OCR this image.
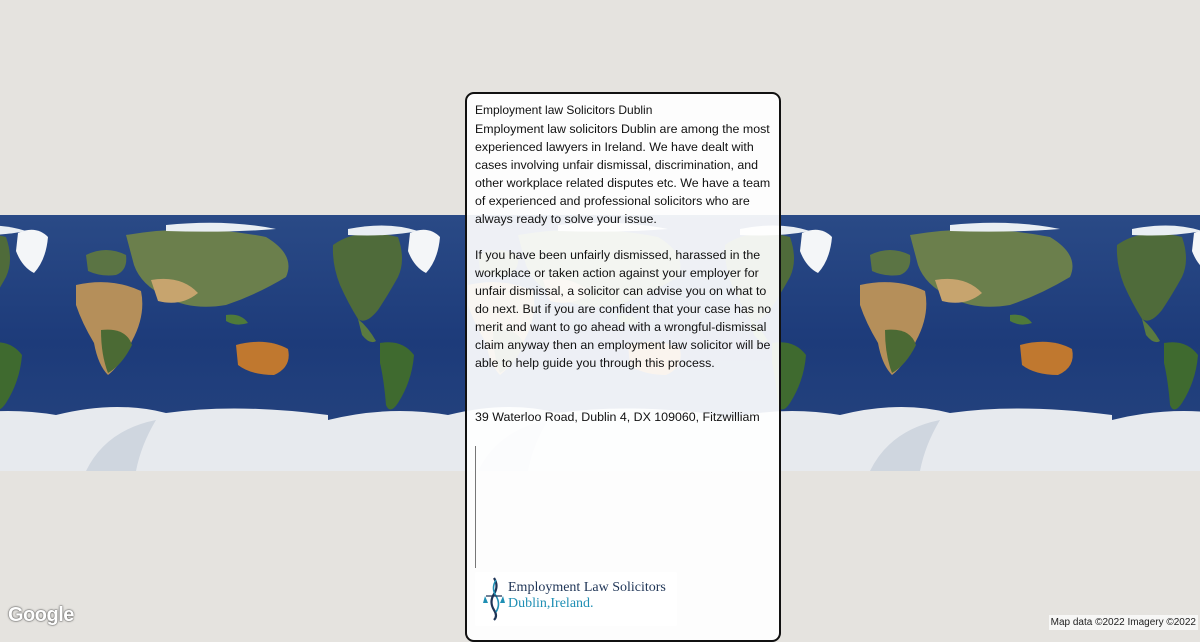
Google	Map data ©2022 Imagery ©2022
Employment law Solicitors Dublin

Employment law solicitors Dublin are among the most experienced lawyers in Ireland. We have dealt with cases involving unfair dismissal, discrimination, and other workplace related disputes etc. We have a team of experienced and professional solicitors who are always ready to solve your issue.

If you have been unfairly dismissed, harassed in the workplace or taken action against your employer for unfair dismissal, a solicitor can advise you on what to do next. But if you are confident that your case has no merit and want to go ahead with a wrongful-dismissal claim anyway then an employment law solicitor will be able to help guide you through this process.

39 Waterloo Road, Dublin 4, DX 109060, Fitzwilliam

Employment Law Solicitors
Dublin,Ireland.
